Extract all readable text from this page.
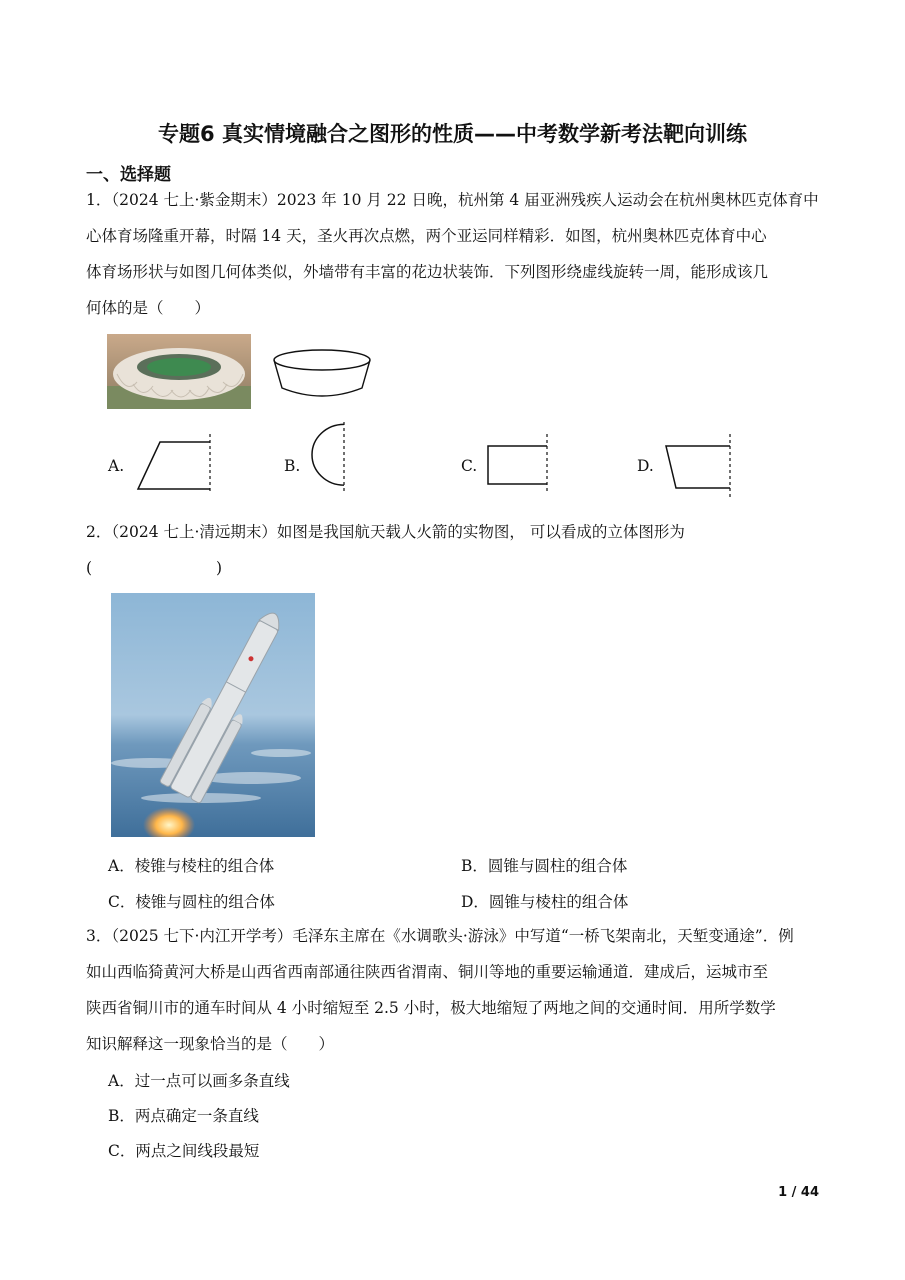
专题6 真实情境融合之图形的性质——中考数学新考法靶向训练
一、选择题
1．（2024 七上·紫金期末）2023 年 10 月 22 日晚，杭州第 4 届亚洲残疾人运动会在杭州奥林匹克体育中
心体育场隆重开幕，时隔 14 天，圣火再次点燃，两个亚运同样精彩．如图，杭州奥林匹克体育中心
体育场形状与如图几何体类似，外墙带有丰富的花边状装饰．下列图形绕虚线旋转一周，能形成该几
何体的是（　　）
A.	B.	C.	D.
2．（2024 七上·清远期末）如图是我国航天载人火箭的实物图， 可以看成的立体图形为
(　　　　　　　　)
A．棱锥与棱柱的组合体	B．圆锥与圆柱的组合体
C．棱锥与圆柱的组合体	D．圆锥与棱柱的组合体
3．（2025 七下·内江开学考）毛泽东主席在《水调歌头·游泳》中写道“一桥飞架南北，天堑变通途”．例
如山西临猗黄河大桥是山西省西南部通往陕西省渭南、铜川等地的重要运输通道．建成后，运城市至
陕西省铜川市的通车时间从 4 小时缩短至 2.5 小时，极大地缩短了两地之间的交通时间．用所学数学
知识解释这一现象恰当的是（　　）
A．过一点可以画多条直线
B．两点确定一条直线
C．两点之间线段最短
1 / 44
